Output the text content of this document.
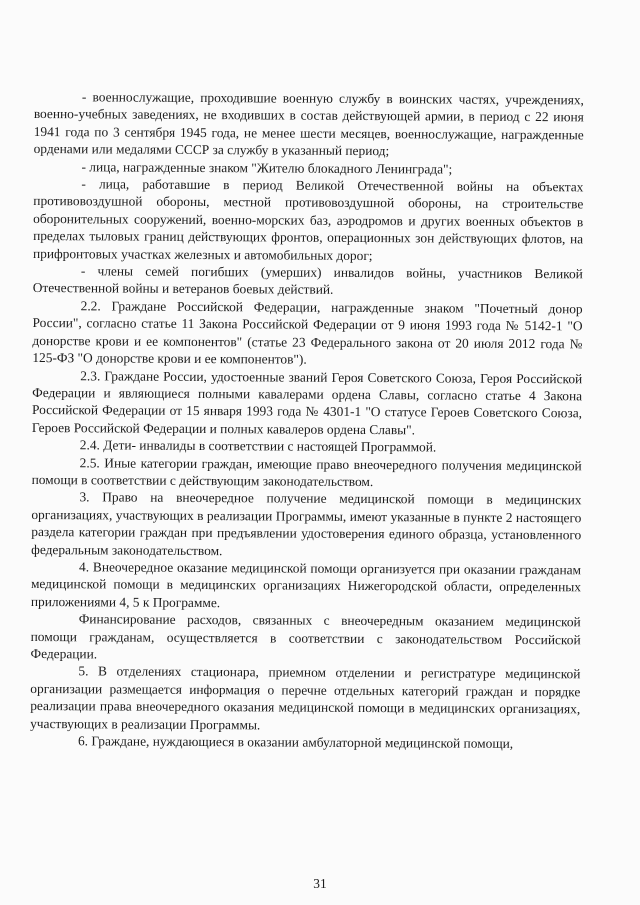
- военнослужащие, проходившие военную службу в воинских частях, учреждениях, военно-учебных заведениях, не входивших в состав действующей армии, в период с 22 июня 1941 года по 3 сентября 1945 года, не менее шести месяцев, военнослужащие, награжденные орденами или медалями СССР за службу в указанный период;

- лица, награжденные знаком "Жителю блокадного Ленинграда";

- лица, работавшие в период Великой Отечественной войны на объектах противовоздушной обороны, местной противовоздушной обороны, на строительстве оборонительных сооружений, военно-морских баз, аэродромов и других военных объектов в пределах тыловых границ действующих фронтов, операционных зон действующих флотов, на прифронтовых участках железных и автомобильных дорог;

- члены семей погибших (умерших) инвалидов войны, участников Великой Отечественной войны и ветеранов боевых действий.

2.2. Граждане Российской Федерации, награжденные знаком "Почетный донор России", согласно статье 11 Закона Российской Федерации от 9 июня 1993 года № 5142-1 "О донорстве крови и ее компонентов" (статье 23 Федерального закона от 20 июля 2012 года № 125-ФЗ "О донорстве крови и ее компонентов").

2.3. Граждане России, удостоенные званий Героя Советского Союза, Героя Российской Федерации и являющиеся полными кавалерами ордена Славы, согласно статье 4 Закона Российской Федерации от 15 января 1993 года № 4301-1 "О статусе Героев Советского Союза, Героев Российской Федерации и полных кавалеров ордена Славы".

2.4. Дети- инвалиды в соответствии с настоящей Программой.

2.5. Иные категории граждан, имеющие право внеочередного получения медицинской помощи в соответствии с действующим законодательством.

3. Право на внеочередное получение медицинской помощи в медицинских организациях, участвующих в реализации Программы, имеют указанные в пункте 2 настоящего раздела категории граждан при предъявлении удостоверения единого образца, установленного федеральным законодательством.

4. Внеочередное оказание медицинской помощи организуется при оказании гражданам медицинской помощи в медицинских организациях Нижегородской области, определенных приложениями 4, 5 к Программе.

Финансирование расходов, связанных с внеочередным оказанием медицинской помощи гражданам, осуществляется в соответствии с законодательством Российской Федерации.

5. В отделениях стационара, приемном отделении и регистратуре медицинской организации размещается информация о перечне отдельных категорий граждан и порядке реализации права внеочередного оказания медицинской помощи в медицинских организациях, участвующих в реализации Программы.

6. Граждане, нуждающиеся в оказании амбулаторной медицинской помощи,

31
